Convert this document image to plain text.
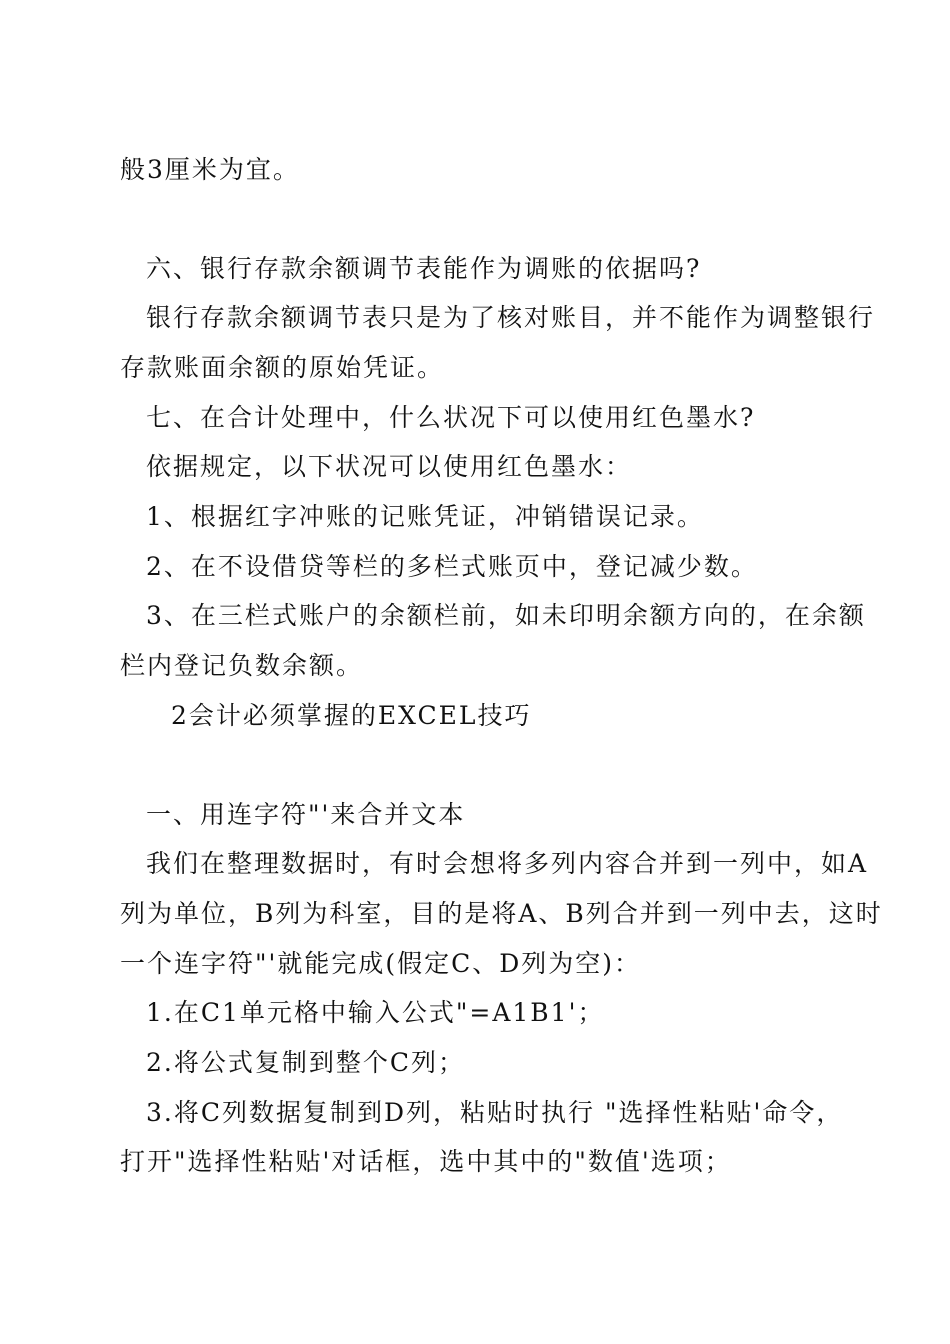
般3厘米为宜。
六、银行存款余额调节表能作为调账的依据吗?
银行存款余额调节表只是为了核对账目，并不能作为调整银行
存款账面余额的原始凭证。
七、在合计处理中，什么状况下可以使用红色墨水?
依据规定，以下状况可以使用红色墨水：
1、根据红字冲账的记账凭证，冲销错误记录。
2、在不设借贷等栏的多栏式账页中，登记减少数。
3、在三栏式账户的余额栏前，如未印明余额方向的，在余额
栏内登记负数余额。
2会计必须掌握的EXCEL技巧
一、用连字符"'来合并文本
我们在整理数据时，有时会想将多列内容合并到一列中，如A
列为单位，B列为科室，目的是将A、B列合并到一列中去，这时
一个连字符"'就能完成(假定C、D列为空)：
1.在C1单元格中输入公式"=A1B1'；
2.将公式复制到整个C列；
3.将C列数据复制到D列，粘贴时执行 "选择性粘贴'命令，
打开"选择性粘贴'对话框，选中其中的"数值'选项；
